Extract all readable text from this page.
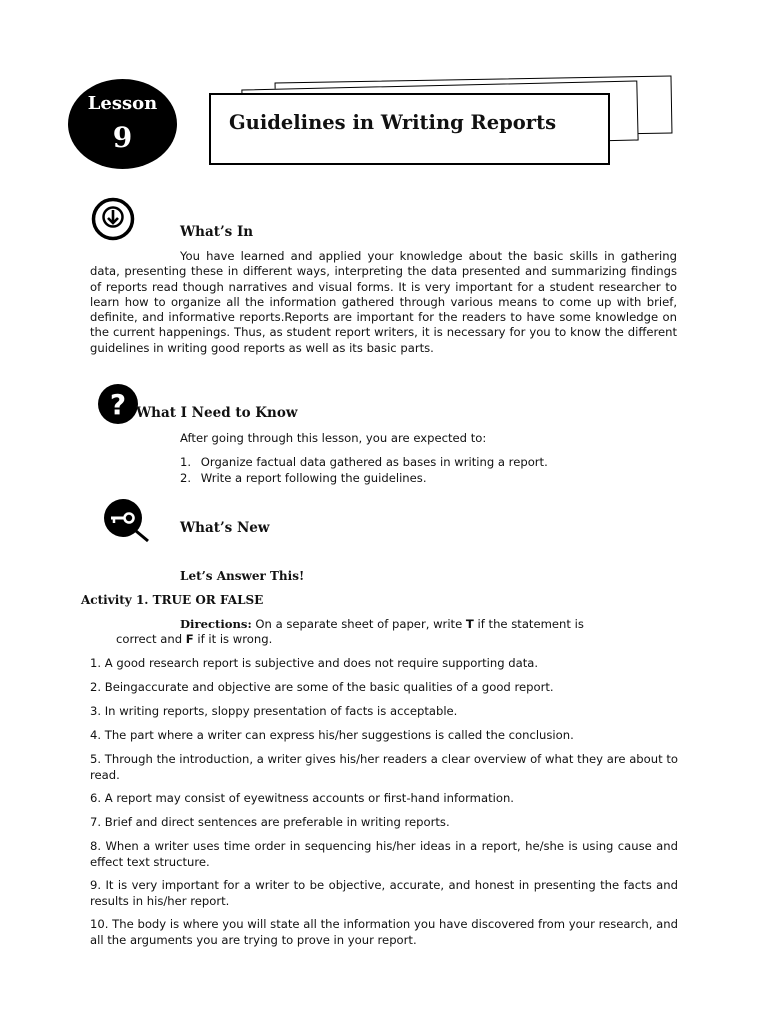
Lesson
9	Guidelines in Writing Reports
What’s In
You have learned and applied your knowledge about the basic skills in gathering data, presenting these in different ways, interpreting the data presented and summarizing findings of reports read though narratives and visual forms. It is very important for a student researcher to learn how to organize all the information gathered through various means to come up with brief, definite, and informative reports.Reports are important for the readers to have some knowledge on the current happenings. Thus, as student report writers, it is necessary for you to know the different guidelines in writing good reports as well as its basic parts.
? What I Need to Know
After going through this lesson, you are expected to:
1. Organize factual data gathered as bases in writing a report.
2. Write a report following the guidelines.
What’s New
Let’s Answer This!
Activity 1. TRUE OR FALSE
Directions: On a separate sheet of paper, write T if the statement is
correct and F if it is wrong.
1. A good research report is subjective and does not require supporting data.
2. Beingaccurate and objective are some of the basic qualities of a good report.
3. In writing reports, sloppy presentation of facts is acceptable.
4. The part where a writer can express his/her suggestions is called the conclusion.
5. Through the introduction, a writer gives his/her readers a clear overview of what they are about to read.
6. A report may consist of eyewitness accounts or first-hand information.
7. Brief and direct sentences are preferable in writing reports.
8. When a writer uses time order in sequencing his/her ideas in a report, he/she is using cause and effect text structure.
9. It is very important for a writer to be objective, accurate, and honest in presenting the facts and results in his/her report.
10. The body is where you will state all the information you have discovered from your research, and all the arguments you are trying to prove in your report.
